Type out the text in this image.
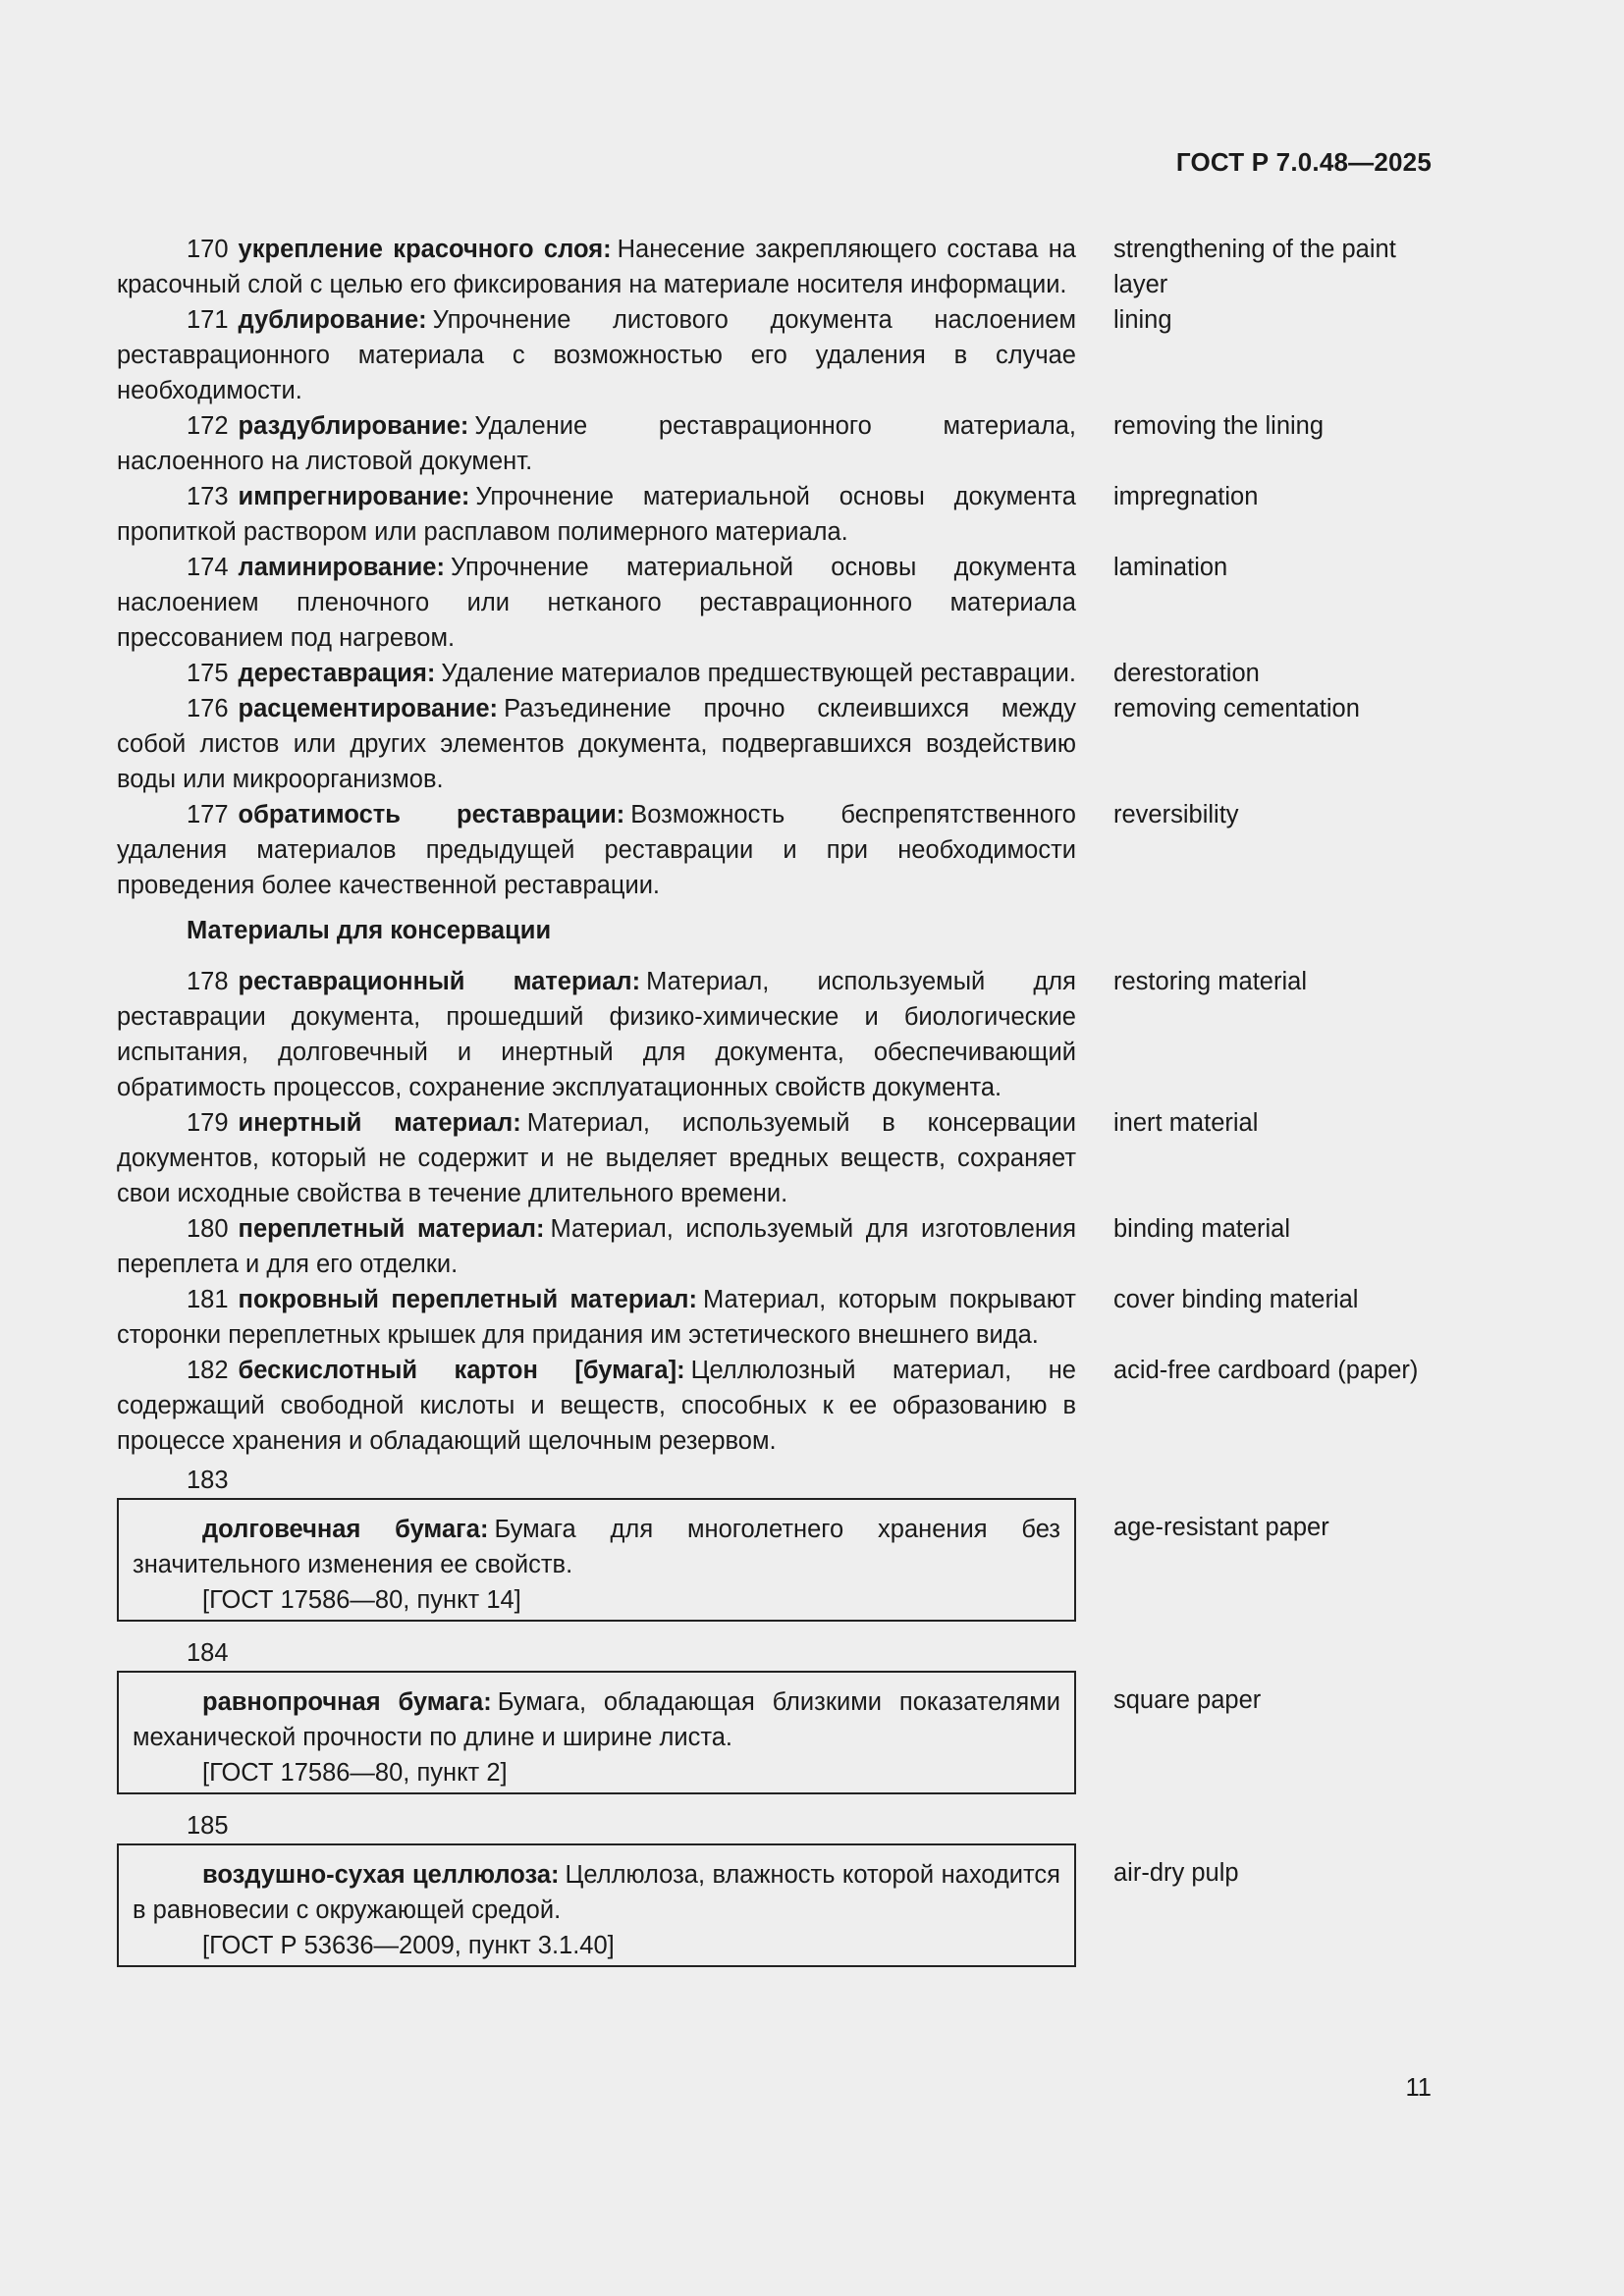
ГОСТ Р 7.0.48—2025

170 укрепление красочного слоя: Нанесение закрепляющего состава на красочный слой с целью его фиксирования на материале носителя информации.

strengthening of the paint layer

171 дублирование: Упрочнение листового документа наслоением реставрационного материала с возможностью его удаления в случае необходимости.

lining

172 раздублирование: Удаление реставрационного материала, наслоенного на листовой документ.

removing the lining

173 импрегнирование: Упрочнение материальной основы документа пропиткой раствором или расплавом полимерного материала.

impregnation

174 ламинирование: Упрочнение материальной основы документа наслоением пленочного или нетканого реставрационного материала прессованием под нагревом.

lamination

175 дереставрация: Удаление материалов предшествующей реставрации. derestoration

176 расцементирование: Разъединение прочно склеившихся между собой листов или других элементов документа, подвергавшихся воздействию воды или микроорганизмов.

removing cementation

177 обратимость реставрации: Возможность беспрепятственного удаления материалов предыдущей реставрации и при необходимости проведения более качественной реставрации.

reversibility
Материалы для консервации

178 реставрационный материал: Материал, используемый для реставрации документа, прошедший физико-химические и биологические испытания, долговечный и инертный для документа, обеспечивающий обратимость процессов, сохранение эксплуатационных свойств документа.

restoring material

179 инертный материал: Материал, используемый в консервации документов, который не содержит и не выделяет вредных веществ, сохраняет свои исходные свойства в течение длительного времени.

inert material

180 переплетный материал: Материал, используемый для изготовления переплета и для его отделки.

binding material

181 покровный переплетный материал: Материал, которым покрывают сторонки переплетных крышек для придания им эстетического внешнего вида.

cover binding material

182 бескислотный картон [бумага]: Целлюлозный материал, не содержащий свободной кислоты и веществ, способных к ее образованию в процессе хранения и обладающий щелочным резервом.

acid-free cardboard (paper)
183

долговечная бумага: Бумага для многолетнего хранения без значительного изменения ее свойств.

[ГОСТ 17586—80, пункт 14]

age-resistant paper
184

равнопрочная бумага: Бумага, обладающая близкими показателями механической прочности по длине и ширине листа.

[ГОСТ 17586—80, пункт 2]

square paper
185

воздушно-сухая целлюлоза: Целлюлоза, влажность которой находится в равновесии с окружающей средой.

[ГОСТ Р 53636—2009, пункт 3.1.40]

air-dry pulp
11
